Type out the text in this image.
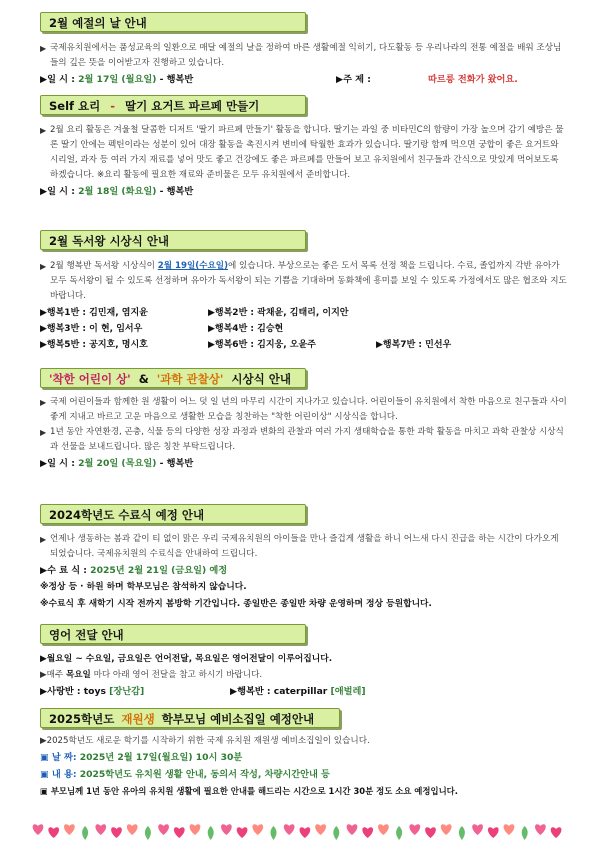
2월 예절의 날 안내
▶ 국제유치원에서는 품성교육의 일환으로 매달 예절의 날을 정하여 바른 생활예절 익히기, 다도활동 등 우리나라의 전통 예절을 배워 조상님들의 깊은 뜻을 이어받고자 진행하고 있습니다.
▶일 시 : 2월 17일 (월요일) - 행복반	▶주 제 :	따르릉 전화가 왔어요.
Self 요리 - 딸기 요거트 파르페 만들기
▶ 2월 요리 활동은 겨울철 달콤한 디저트 '딸기 파르페 만들기' 활동을 합니다. 딸기는 과일 중 비타민C의 함량이 가장 높으며 감기 예방은 물론 딸기 안에는 펙틴이라는 성분이 있어 대장 활동을 촉진시켜 변비에 탁월한 효과가 있습니다. 딸기랑 함께 먹으면 궁합이 좋은 요거트와 시리얼, 과자 등 여러 가지 재료를 넣어 맛도 좋고 건강에도 좋은 파르페를 만들어 보고 유치원에서 친구들과 간식으로 맛있게 먹어보도록 하겠습니다. ※요리 활동에 필요한 재료와 준비물은 모두 유치원에서 준비합니다.
▶일 시 : 2월 18일 (화요일) - 행복반
2월 독서왕 시상식 안내
▶ 2월 행복반 독서왕 시상식이 2월 19일(수요일)에 있습니다. 부상으로는 좋은 도서 목록 선정 책을 드립니다. 수료, 졸업까지 각반 유아가 모두 독서왕이 될 수 있도록 선정하며 유아가 독서왕이 되는 기쁨을 기대하며 동화책에 흥미를 보일 수 있도록 가정에서도 많은 협조와 지도 바랍니다.
▶행복1반 : 김민재, 염지윤	▶행복2반 : 곽채윤, 김태리, 이지안
▶행복3반 : 이 현, 임서우	▶행복4반 : 김승현
▶행복5반 : 공지호, 명시호	▶행복6반 : 김지웅, 오윤주	▶행복7반 : 민선우
'착한 어린이 상' & '과학 관찰상' 시상식 안내
▶ 국제 어린이들과 함께한 원 생활이 어느 덧 일 년의 마무리 시간이 지나가고 있습니다. 어린이들이 유치원에서 착한 마음으로 친구들과 사이좋게 지내고 바르고 고운 마음으로 생활한 모습을 칭찬하는 "착한 어린이상" 시상식을 합니다.
▶ 1년 동안 자연환경, 곤충, 식물 등의 다양한 성장 과정과 변화의 관찰과 여러 가지 생태학습을 통한 과학 활동을 마치고 과학 관찰상 시상식과 선물을 보내드립니다. 많은 칭찬 부탁드립니다.
▶일 시 : 2월 20일 (목요일) - 행복반
2024학년도 수료식 예정 안내
▶ 언제나 생동하는 봄과 같이 티 없이 맑은 우리 국제유치원의 아이들을 만나 즐겁게 생활을 하니 어느새 다시 진급을 하는 시간이 다가오게 되었습니다. 국제유치원의 수료식을 안내하여 드립니다.
▶수 료 식 : 2025년 2월 21일 (금요일) 예정
※정상 등 · 하원 하며 학부모님은 참석하지 않습니다.
※수료식 후 새학기 시작 전까지 봄방학 기간입니다. 종일반은 종일반 차량 운영하며 정상 등원합니다.
영어 전달 안내
▶월요일 ~ 수요일, 금요일은 언어전달, 목요일은 영어전달이 이루어집니다.
▶매주 목요일 마다 아래 영어 전달을 참고 하시기 바랍니다.
▶사랑반 : toys [장난감]	▶행복반 : caterpillar [애벌레]
2025학년도 재원생 학부모님 예비소집일 예정안내
▶2025학년도 새로운 학기를 시작하기 위한 국제 유치원 재원생 예비소집일이 있습니다.
▣ 날 짜: 2025년 2월 17일(월요일) 10시 30분
▣ 내 용: 2025학년도 유치원 생활 안내, 동의서 작성, 차량시간안내 등
▣ 부모님께 1년 동안 유아의 유치원 생활에 필요한 안내를 해드리는 시간으로 1시간 30분 정도 소요 예정입니다.
